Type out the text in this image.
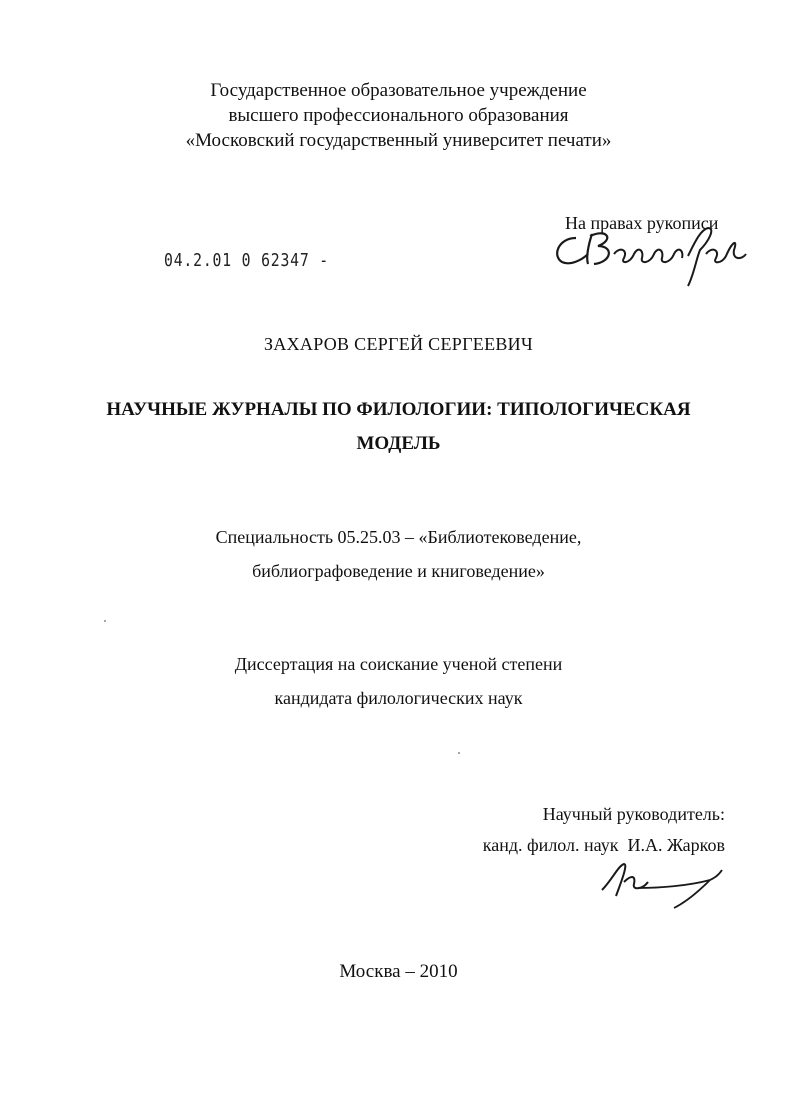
Государственное образовательное учреждение
высшего профессионального образования
«Московский государственный университет печати»
На правах рукописи
04.2.01 0 62347 -
ЗАХАРОВ СЕРГЕЙ СЕРГЕЕВИЧ
НАУЧНЫЕ ЖУРНАЛЫ ПО ФИЛОЛОГИИ: ТИПОЛОГИЧЕСКАЯ
МОДЕЛЬ
Специальность 05.25.03 – «Библиотековедение,
библиографоведение и книговедение»
Диссертация на соискание ученой степени
кандидата филологических наук
Научный руководитель:
канд. филол. наук  И.А. Жарков
Москва – 2010
